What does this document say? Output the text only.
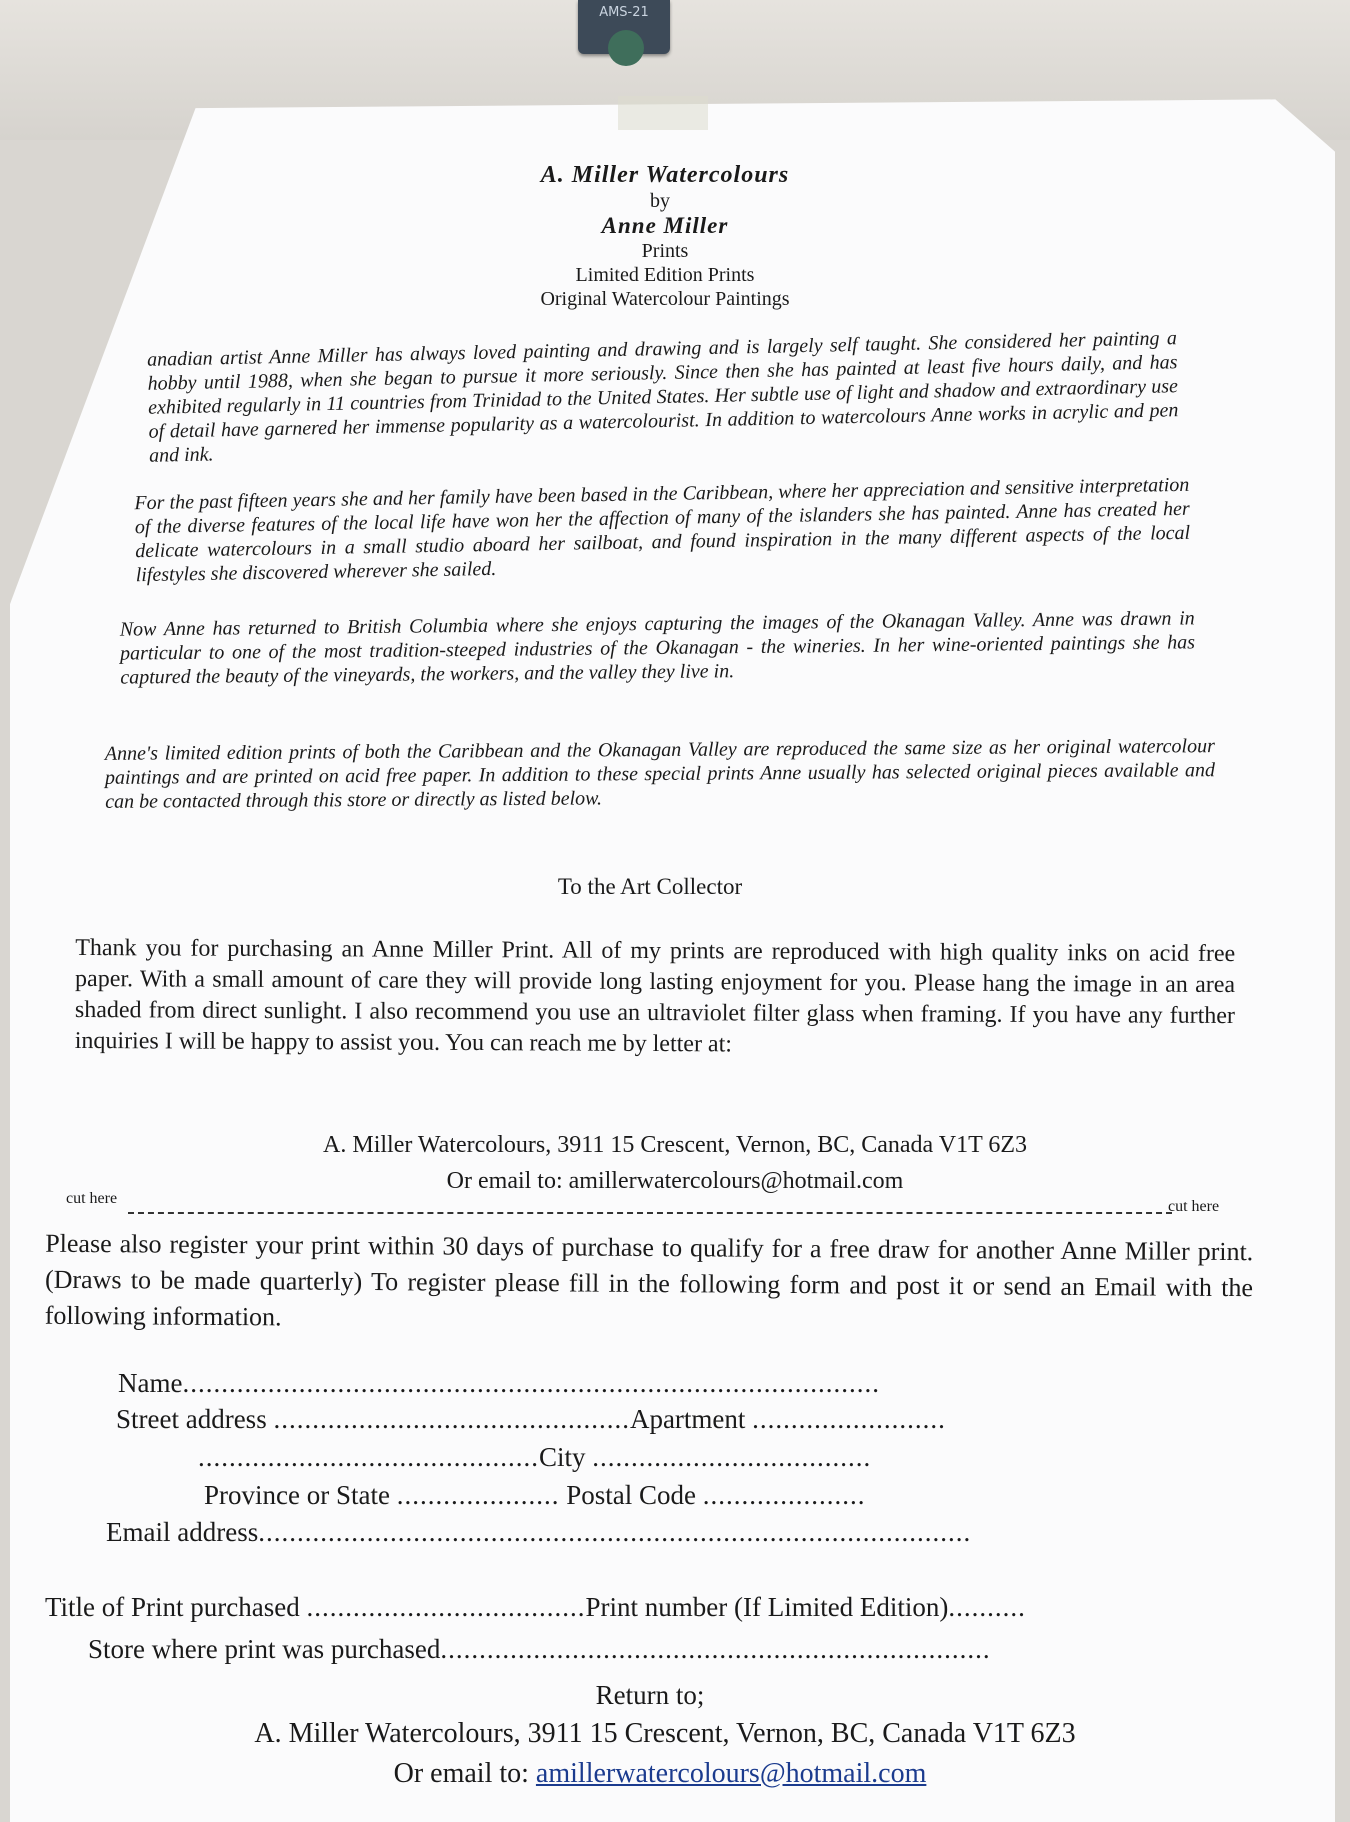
AMS-21
A. Miller Watercolours
by
Anne Miller
Prints
Limited Edition Prints
Original Watercolour Paintings
anadian artist Anne Miller has always loved painting and drawing and is largely self taught. She considered her painting a hobby until 1988, when she began to pursue it more seriously. Since then she has painted at least five hours daily, and has exhibited regularly in 11 countries from Trinidad to the United States. Her subtle use of light and shadow and extraordinary use of detail have garnered her immense popularity as a watercolourist. In addition to watercolours Anne works in acrylic and pen and ink.
For the past fifteen years she and her family have been based in the Caribbean, where her appreciation and sensitive interpretation of the diverse features of the local life have won her the affection of many of the islanders she has painted. Anne has created her delicate watercolours in a small studio aboard her sailboat, and found inspiration in the many different aspects of the local lifestyles she discovered wherever she sailed.
Now Anne has returned to British Columbia where she enjoys capturing the images of the Okanagan Valley. Anne was drawn in particular to one of the most tradition-steeped industries of the Okanagan - the wineries. In her wine-oriented paintings she has captured the beauty of the vineyards, the workers, and the valley they live in.
Anne's limited edition prints of both the Caribbean and the Okanagan Valley are reproduced the same size as her original watercolour paintings and are printed on acid free paper. In addition to these special prints Anne usually has selected original pieces available and can be contacted through this store or directly as listed below.
To the Art Collector
Thank you for purchasing an Anne Miller Print. All of my prints are reproduced with high quality inks on acid free paper. With a small amount of care they will provide long lasting enjoyment for you. Please hang the image in an area shaded from direct sunlight. I also recommend you use an ultraviolet filter glass when framing. If you have any further inquiries I will be happy to assist you. You can reach me by letter at:
A. Miller Watercolours, 3911 15 Crescent, Vernon, BC, Canada V1T 6Z3
Or email to: amillerwatercolours@hotmail.com
cut here	cut here
Please also register your print within 30 days of purchase to qualify for a free draw for another Anne Miller print. (Draws to be made quarterly) To register please fill in the following form and post it or send an Email with the following information.
Name..........................................................................................
Street address ..............................................Apartment .........................
............................................City ....................................
Province or State ..................... Postal Code .....................
Email address............................................................................................
Title of Print purchased ....................................Print number (If Limited Edition)..........
Store where print was purchased.......................................................................
Return to;
A. Miller Watercolours, 3911 15 Crescent, Vernon, BC, Canada V1T 6Z3
Or email to: amillerwatercolours@hotmail.com
